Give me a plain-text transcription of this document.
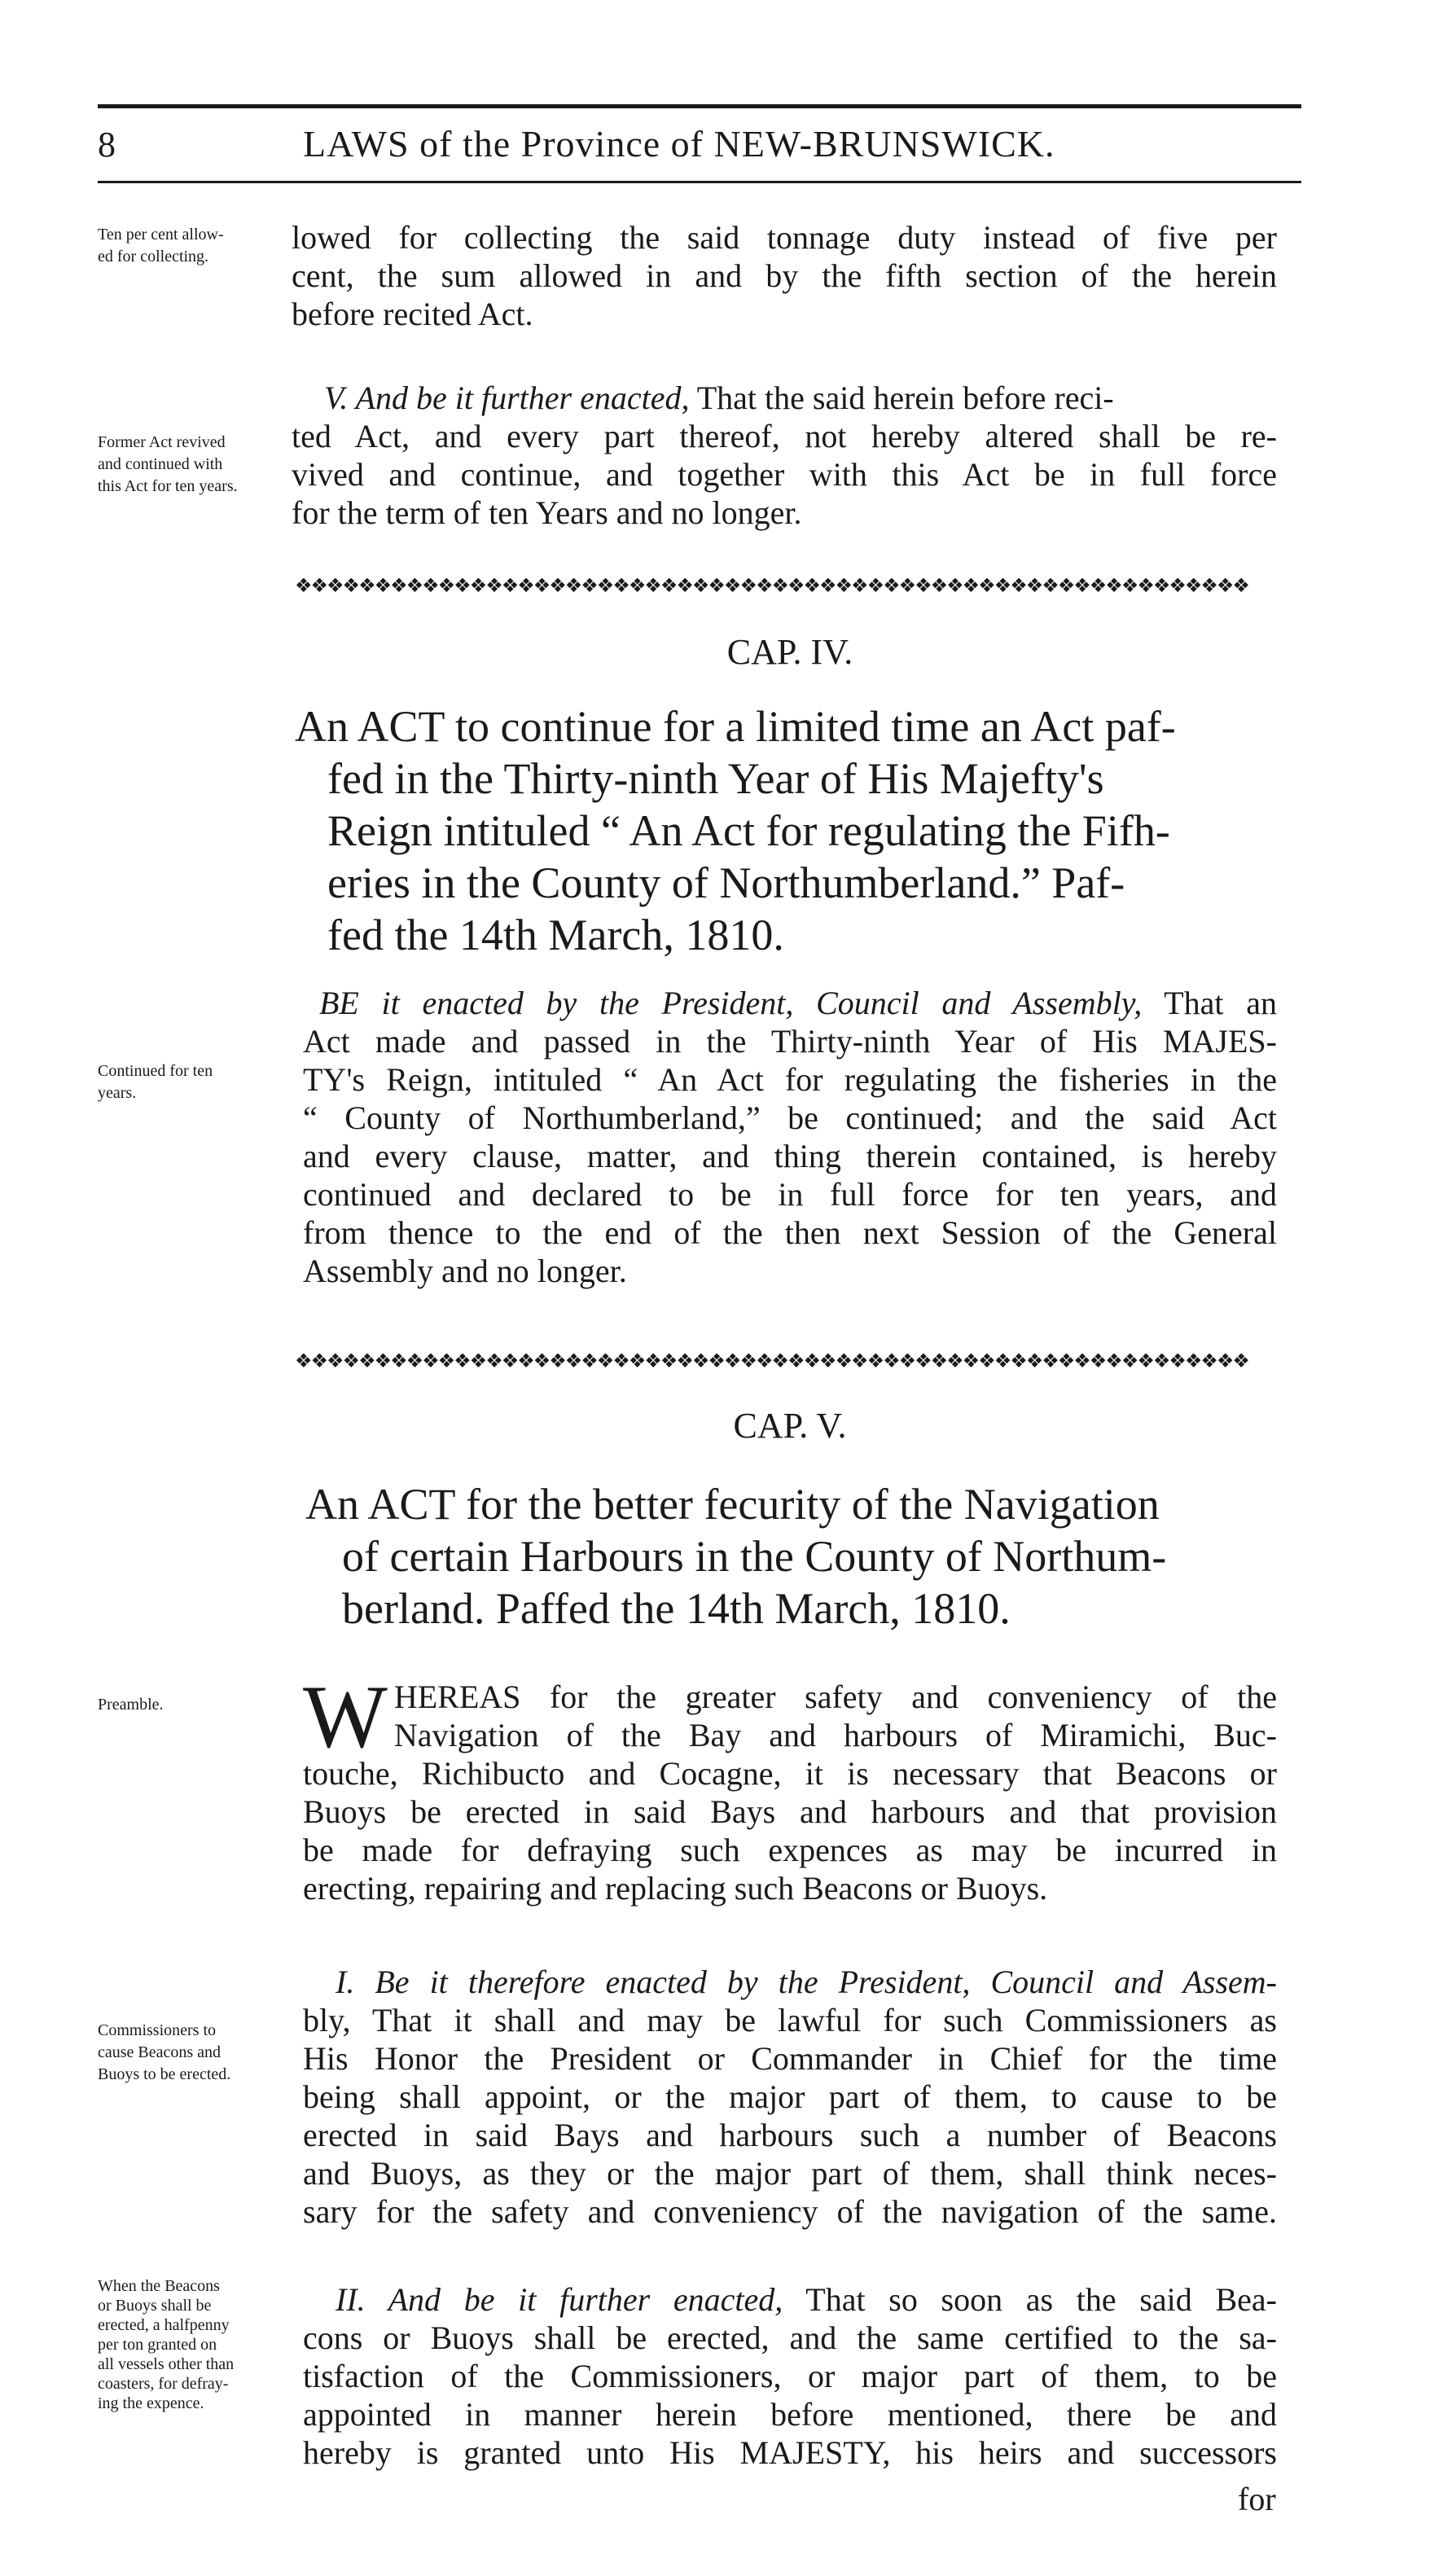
8	LAWS of the Province of NEW-BRUNSWICK.
Ten per cent allow-
ed for collecting.
lowed for collecting the said tonnage duty instead of five per
cent, the sum allowed in and by the fifth section of the herein
before recited Act.
Former Act revived
and continued with
this Act for ten years.
V. And be it further enacted, That the said herein before reci-
ted Act, and every part thereof, not hereby altered shall be re-
vived and continue, and together with this Act be in full force
for the term of ten Years and no longer.
❖❖❖❖❖❖❖❖❖❖❖❖❖❖❖❖❖❖❖❖❖❖❖❖❖❖❖❖❖❖❖❖❖❖❖❖❖❖❖❖❖❖❖❖❖❖❖❖❖❖❖❖❖❖❖❖❖❖❖❖
CAP. IV.
An ACT to continue for a limited time an Act paf-
fed in the Thirty-ninth Year of His Majefty's
Reign intituled “ An Act for regulating the Fifh-
eries in the County of Northumberland.” Paf-
fed the 14th March, 1810.
Continued for ten
years.
BE it enacted by the President, Council and Assembly, That an
Act made and passed in the Thirty-ninth Year of His MAJES-
TY's Reign, intituled “ An Act for regulating the fisheries in the
“ County of Northumberland,” be continued; and the said Act
and every clause, matter, and thing therein contained, is hereby
continued and declared to be in full force for ten years, and
from thence to the end of the then next Session of the General
Assembly and no longer.
❖❖❖❖❖❖❖❖❖❖❖❖❖❖❖❖❖❖❖❖❖❖❖❖❖❖❖❖❖❖❖❖❖❖❖❖❖❖❖❖❖❖❖❖❖❖❖❖❖❖❖❖❖❖❖❖❖❖❖❖
CAP. V.
An ACT for the better fecurity of the Navigation
of certain Harbours in the County of Northum-
berland. Paffed the 14th March, 1810.
Preamble.	W HEREAS for the greater safety and conveniency of the
Navigation of the Bay and harbours of Miramichi, Buc-
touche, Richibucto and Cocagne, it is necessary that Beacons or
Buoys be erected in said Bays and harbours and that provision
be made for defraying such expences as may be incurred in
erecting, repairing and replacing such Beacons or Buoys.
Commissioners to
cause Beacons and
Buoys to be erected.
I. Be it therefore enacted by the President, Council and Assem-
bly, That it shall and may be lawful for such Commissioners as
His Honor the President or Commander in Chief for the time
being shall appoint, or the major part of them, to cause to be
erected in said Bays and harbours such a number of Beacons
and Buoys, as they or the major part of them, shall think neces-
sary for the safety and conveniency of the navigation of the same.
When the Beacons
or Buoys shall be
erected, a halfpenny
per ton granted on
all vessels other than
coasters, for defray-
ing the expence.
II. And be it further enacted, That so soon as the said Bea-
cons or Buoys shall be erected, and the same certified to the sa-
tisfaction of the Commissioners, or major part of them, to be
appointed in manner herein before mentioned, there be and
hereby is granted unto His MAJESTY, his heirs and successors
for
